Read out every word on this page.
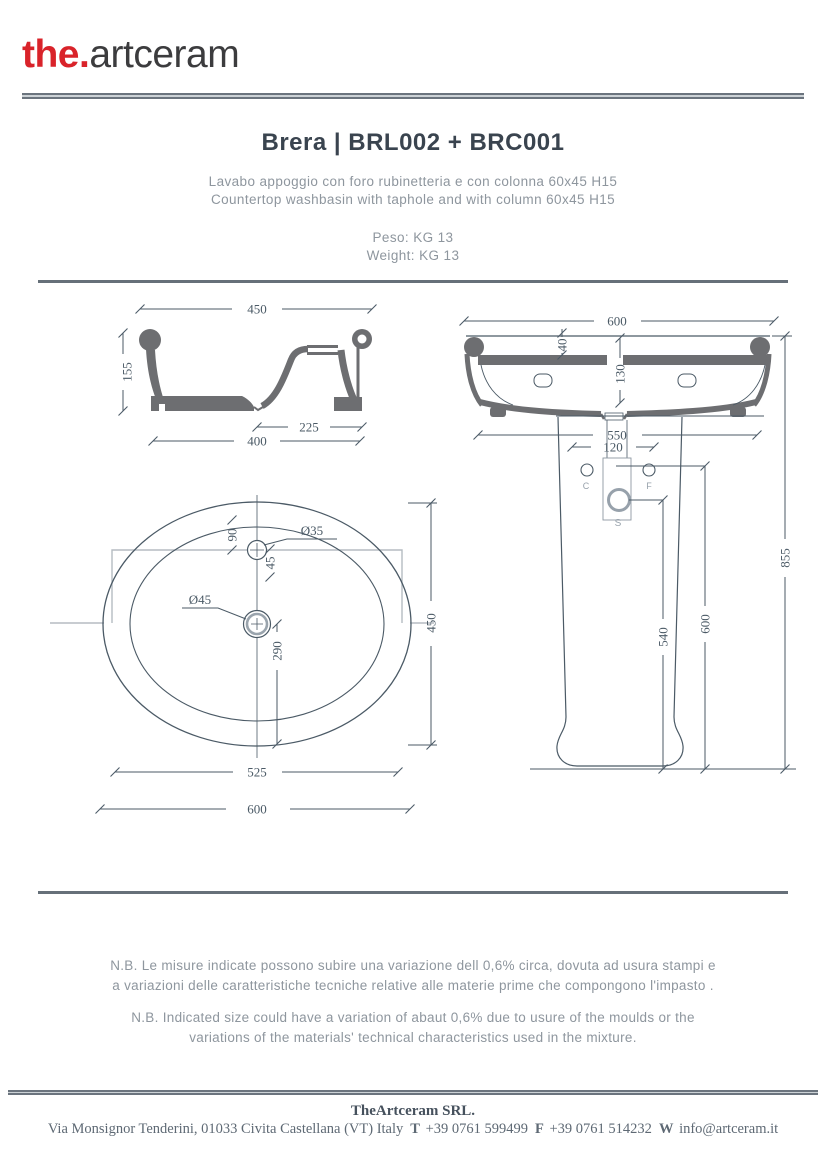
the.artceram
Brera | BRL002 + BRC001

Lavabo appoggio con foro rubinetteria e con colonna 60x45 H15

Countertop washbasin with taphole and with column 60x45 H15

Peso: KG 13

Weight: KG 13

450
155
225
400
600
40
130
550
120
C	F
S
540
600
855
Ø35
90
45
Ø45
290
450
525
600

N.B. Le misure indicate possono subire una variazione dell 0,6% circa, dovuta ad usura stampi e

a variazioni delle caratteristiche tecniche relative alle materie prime che compongono l'impasto .

N.B. Indicated size could have a variation of abaut 0,6% due to usure of the moulds or the

variations of the materials' technical characteristics used in the mixture.

TheArtceram SRL.
Via Monsignor Tenderini, 01033 Civita Castellana (VT) Italy T +39 0761 599499 F +39 0761 514232 W info@artceram.it
